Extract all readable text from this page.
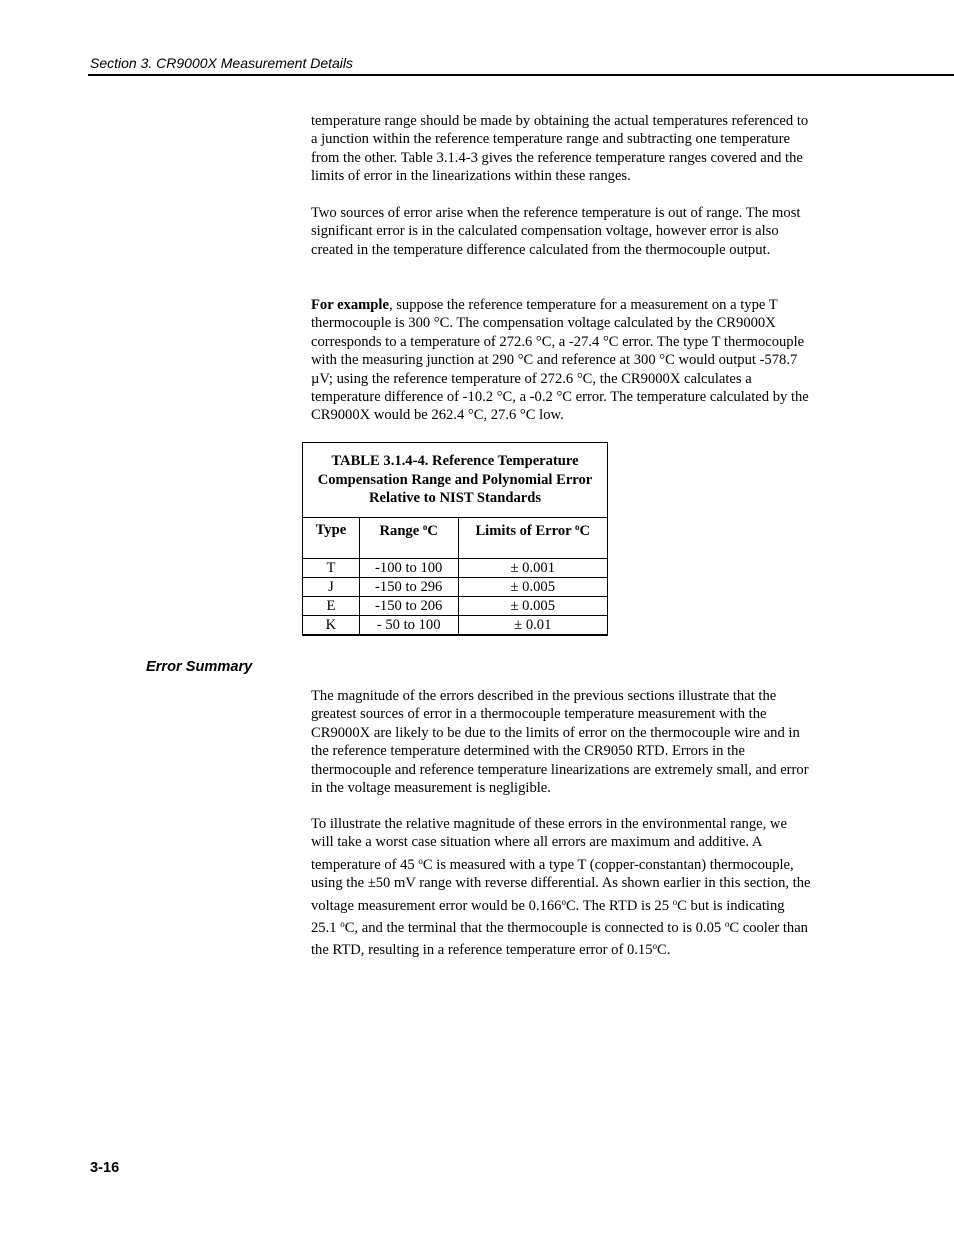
Section 3. CR9000X Measurement Details

temperature range should be made by obtaining the actual temperatures referenced to a junction within the reference temperature range and subtracting one temperature from the other. Table 3.1.4-3 gives the reference temperature ranges covered and the limits of error in the linearizations within these ranges.

Two sources of error arise when the reference temperature is out of range. The most significant error is in the calculated compensation voltage, however error is also created in the temperature difference calculated from the thermocouple output.

For example, suppose the reference temperature for a measurement on a type T thermocouple is 300 °C. The compensation voltage calculated by the CR9000X corresponds to a temperature of 272.6 °C, a -27.4 °C error. The type T thermocouple with the measuring junction at 290 °C and reference at 300 °C would output -578.7 µV; using the reference temperature of 272.6 °C, the CR9000X calculates a temperature difference of -10.2 °C, a -0.2 °C error. The temperature calculated by the CR9000X would be 262.4 °C, 27.6 °C low.

TABLE 3.1.4-4. Reference Temperature Compensation Range and Polynomial Error Relative to NIST Standards		
Type	Range $^o$C	Limits of Error $^o$C
T	-100 to 100	± 0.001
J	-150 to 296	± 0.005
E	-150 to 206	± 0.005
K	- 50 to 100	± 0.01
Error Summary

The magnitude of the errors described in the previous sections illustrate that the greatest sources of error in a thermocouple temperature measurement with the CR9000X are likely to be due to the limits of error on the thermocouple wire and in the reference temperature determined with the CR9050 RTD. Errors in the thermocouple and reference temperature linearizations are extremely small, and error in the voltage measurement is negligible.

To illustrate the relative magnitude of these errors in the environmental range, we will take a worst case situation where all errors are maximum and additive. A temperature of 45 $^o$C is measured with a type T (copper-constantan) thermocouple, using the ±50 mV range with reverse differential. As shown earlier in this section, the voltage measurement error would be 0.166$^o$C. The RTD is 25 $^o$C but is indicating 25.1 $^o$C, and the terminal that the thermocouple is connected to is 0.05 $^o$C cooler than the RTD, resulting in a reference temperature error of 0.15$^o$C.

3-16
